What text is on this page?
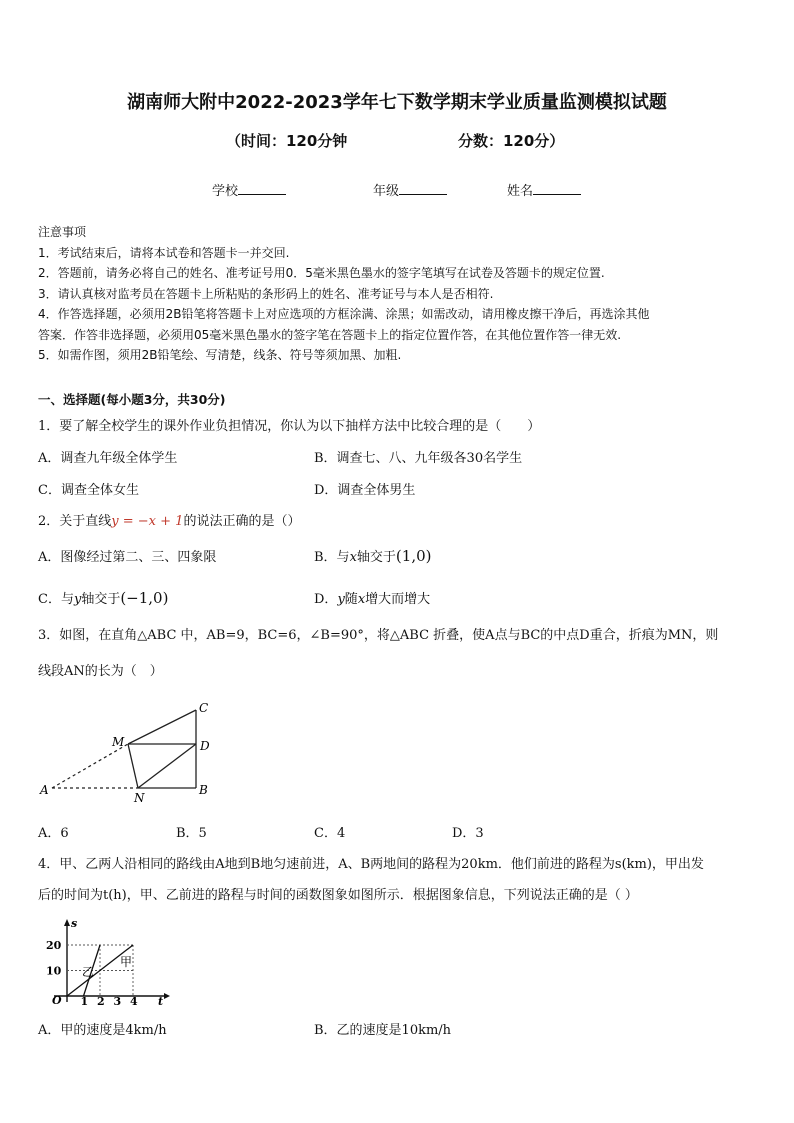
湖南师大附中2022-2023学年七下数学期末学业质量监测模拟试题
（时间：120分钟	分数：120分）
学校	年级	姓名
注意事项
1．考试结束后，请将本试卷和答题卡一并交回.
2．答题前，请务必将自己的姓名、准考证号用0．5毫米黑色墨水的签字笔填写在试卷及答题卡的规定位置.
3．请认真核对监考员在答题卡上所粘贴的条形码上的姓名、准考证号与本人是否相符.
4．作答选择题，必须用2B铅笔将答题卡上对应选项的方框涂满、涂黑；如需改动，请用橡皮擦干净后，再选涂其他
答案．作答非选择题，必须用05毫米黑色墨水的签字笔在答题卡上的指定位置作答，在其他位置作答一律无效.
5．如需作图，须用2B铅笔绘、写清楚，线条、符号等须加黑、加粗.
一、选择题(每小题3分，共30分)
1．要了解全校学生的课外作业负担情况，你认为以下抽样方法中比较合理的是（　　）
A．调查九年级全体学生	B．调查七、八、九年级各30名学生
C．调查全体女生	D．调查全体男生
2．关于直线y = −x + 1的说法正确的是（）
A．图像经过第二、三、四象限	B．与x轴交于(1,0)
C．与y轴交于(−1,0)	D．y随x增大而增大
3．如图，在直角△ABC 中，AB=9，BC=6，∠B=90°，将△ABC 折叠，使A点与BC的中点D重合，折痕为MN，则
线段AN的长为（　）
A	B
C
D
M
N
A．6	B．5	C．4	D．3
4．甲、乙两人沿相同的路线由A地到B地匀速前进，A、B两地间的路程为20km．他们前进的路程为s(km)，甲出发
后的时间为t(h)，甲、乙前进的路程与时间的函数图象如图所示．根据图象信息，下列说法正确的是（ ）
1 2 3 4
10
20
s
t
O
乙
甲
A．甲的速度是4km/h	B．乙的速度是10km/h
